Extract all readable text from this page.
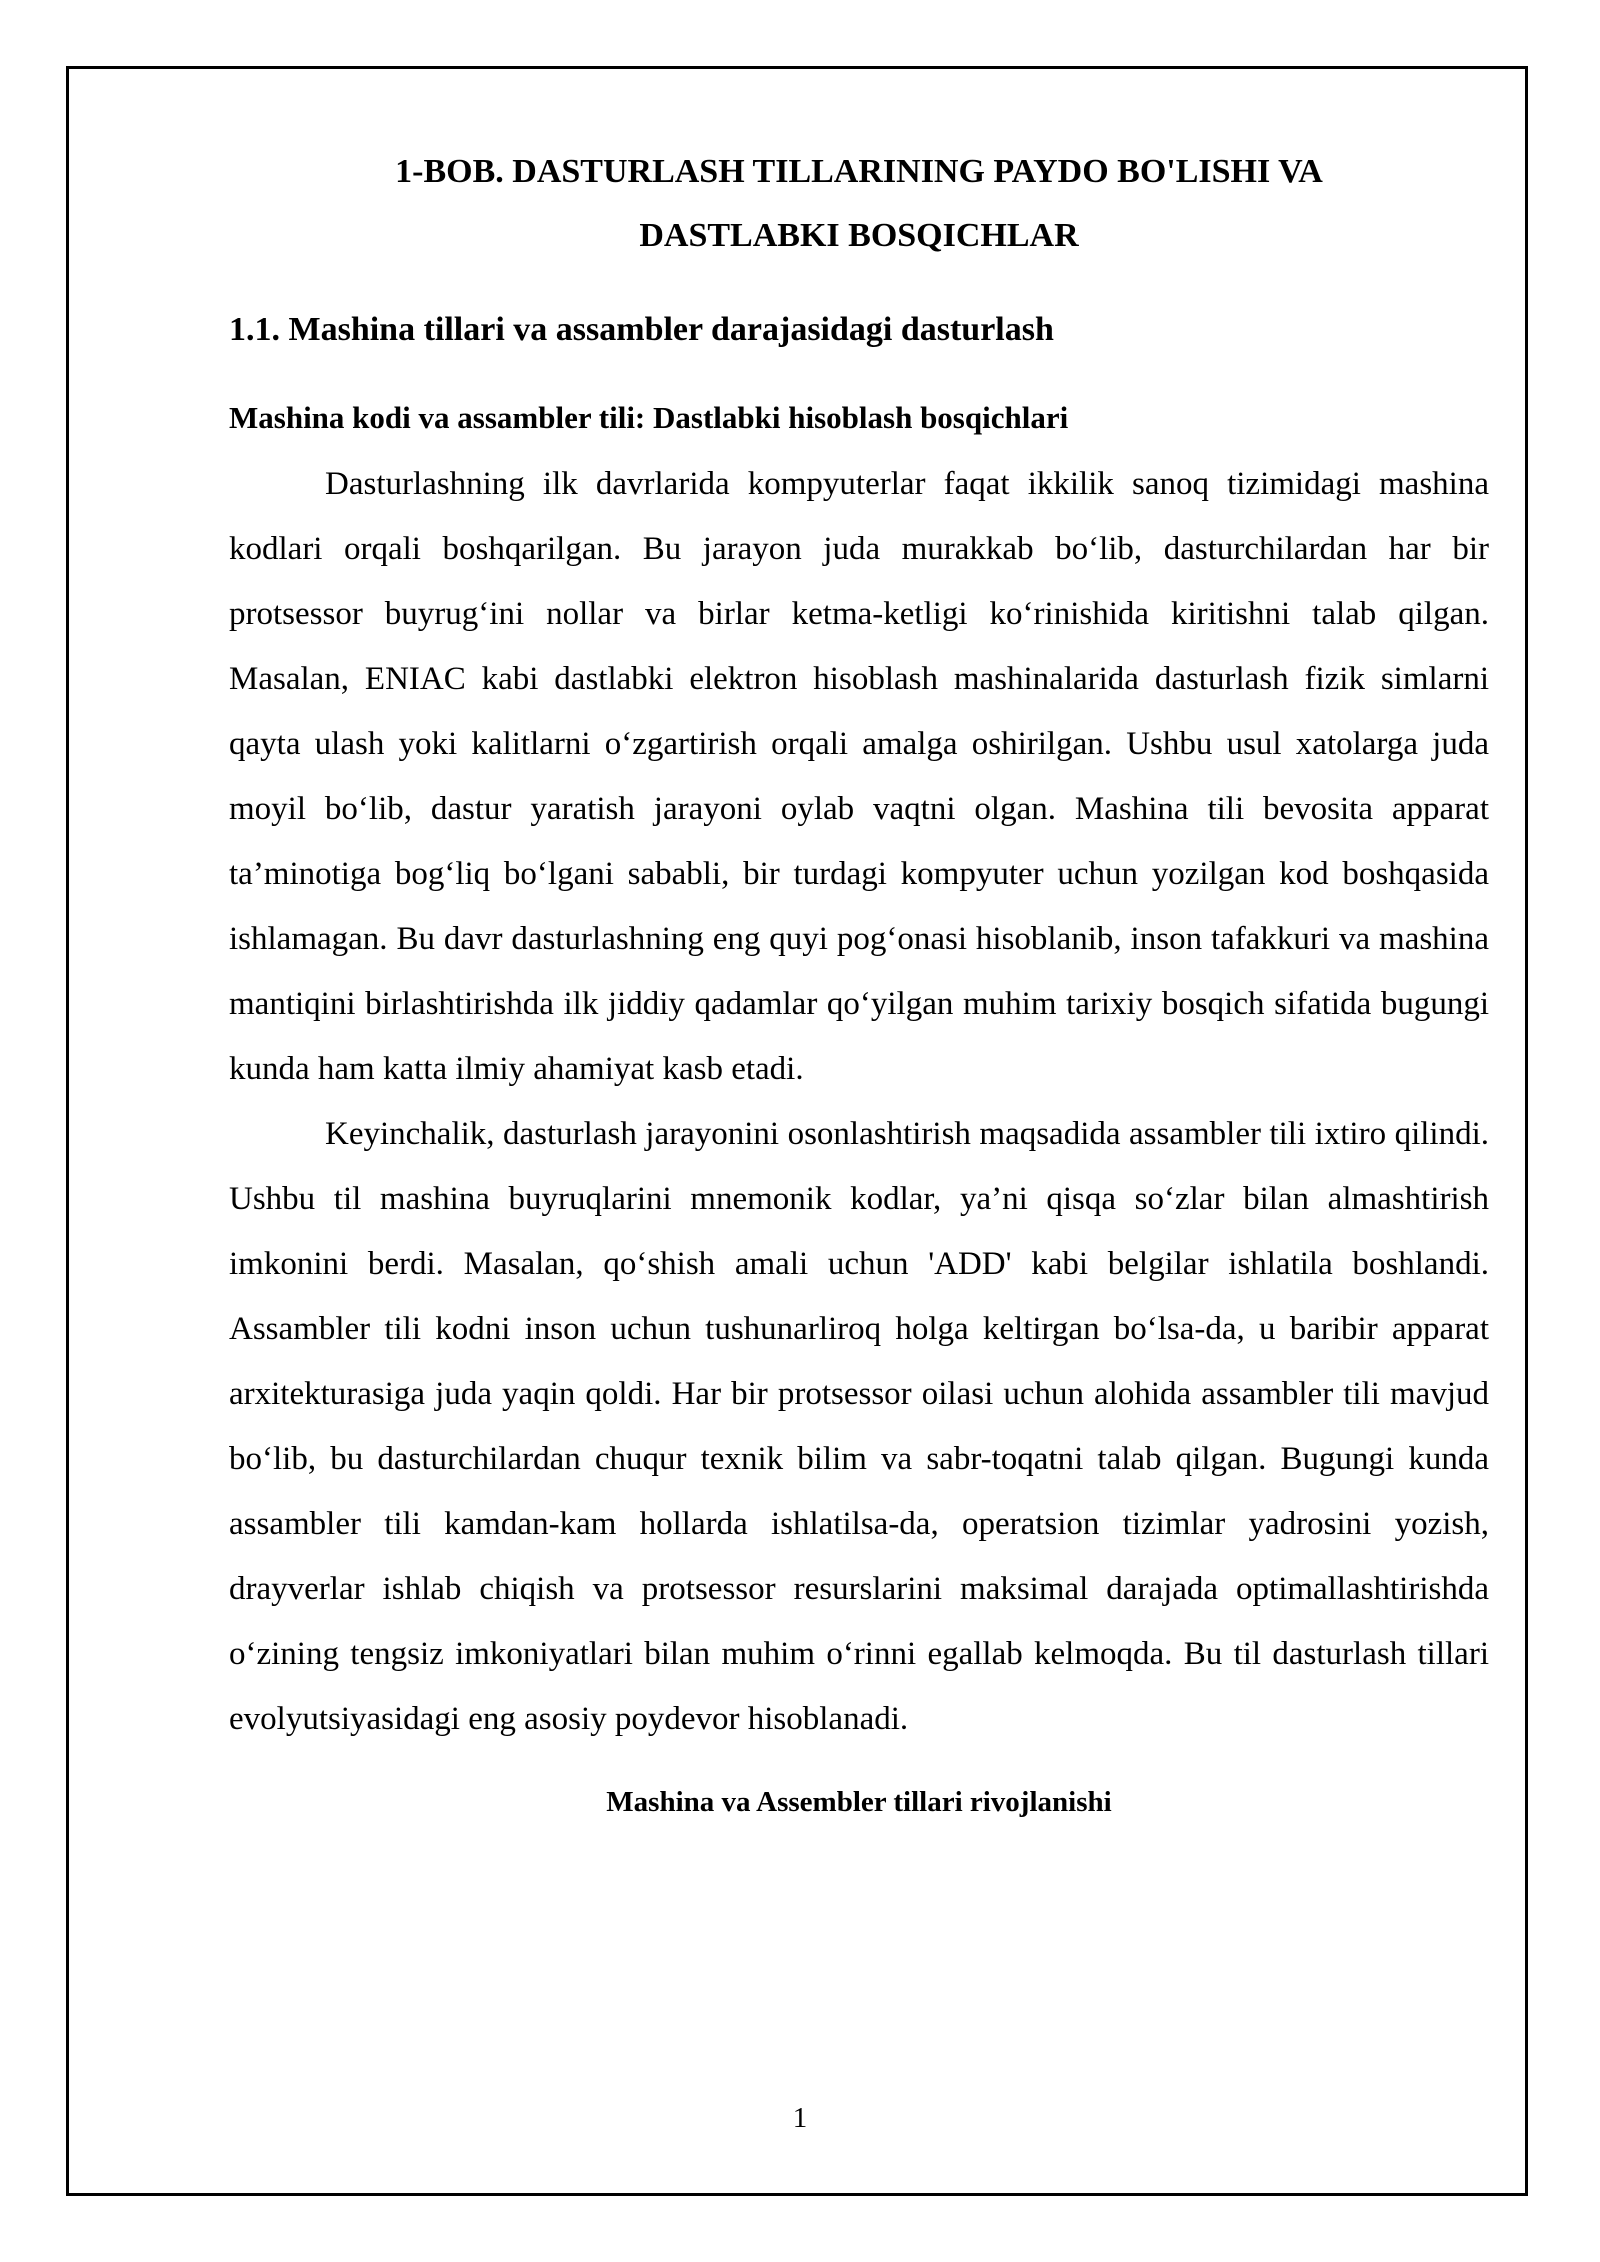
1-BOB. DASTURLASH TILLARINING PAYDO BO'LISHI VA
DASTLABKI BOSQICHLAR
1.1. Mashina tillari va assambler darajasidagi dasturlash
Mashina kodi va assambler tili: Dastlabki hisoblash bosqichlari

Dasturlashning ilk davrlarida kompyuterlar faqat ikkilik sanoq tizimidagi mashina kodlari orqali boshqarilgan. Bu jarayon juda murakkab bo‘lib, dasturchilardan har bir protsessor buyrug‘ini nollar va birlar ketma-ketligi ko‘rinishida kiritishni talab qilgan. Masalan, ENIAC kabi dastlabki elektron hisoblash mashinalarida dasturlash fizik simlarni qayta ulash yoki kalitlarni o‘zgartirish orqali amalga oshirilgan. Ushbu usul xatolarga juda moyil bo‘lib, dastur yaratish jarayoni oylab vaqtni olgan. Mashina tili bevosita apparat ta’minotiga bog‘liq bo‘lgani sababli, bir turdagi kompyuter uchun yozilgan kod boshqasida ishlamagan. Bu davr dasturlashning eng quyi pog‘onasi hisoblanib, inson tafakkuri va mashina mantiqini birlashtirishda ilk jiddiy qadamlar qo‘yilgan muhim tarixiy bosqich sifatida bugungi kunda ham katta ilmiy ahamiyat kasb etadi.

Keyinchalik, dasturlash jarayonini osonlashtirish maqsadida assambler tili ixtiro qilindi. Ushbu til mashina buyruqlarini mnemonik kodlar, ya’ni qisqa so‘zlar bilan almashtirish imkonini berdi. Masalan, qo‘shish amali uchun 'ADD' kabi belgilar ishlatila boshlandi. Assambler tili kodni inson uchun tushunarliroq holga keltirgan bo‘lsa-da, u baribir apparat arxitekturasiga juda yaqin qoldi. Har bir protsessor oilasi uchun alohida assambler tili mavjud bo‘lib, bu dasturchilardan chuqur texnik bilim va sabr-toqatni talab qilgan. Bugungi kunda assambler tili kamdan-kam hollarda ishlatilsa-da, operatsion tizimlar yadrosini yozish, drayverlar ishlab chiqish va protsessor resurslarini maksimal darajada optimallashtirishda o‘zining tengsiz imkoniyatlari bilan muhim o‘rinni egallab kelmoqda. Bu til dasturlash tillari evolyutsiyasidagi eng asosiy poydevor hisoblanadi.

Mashina va Assembler tillari rivojlanishi

1
